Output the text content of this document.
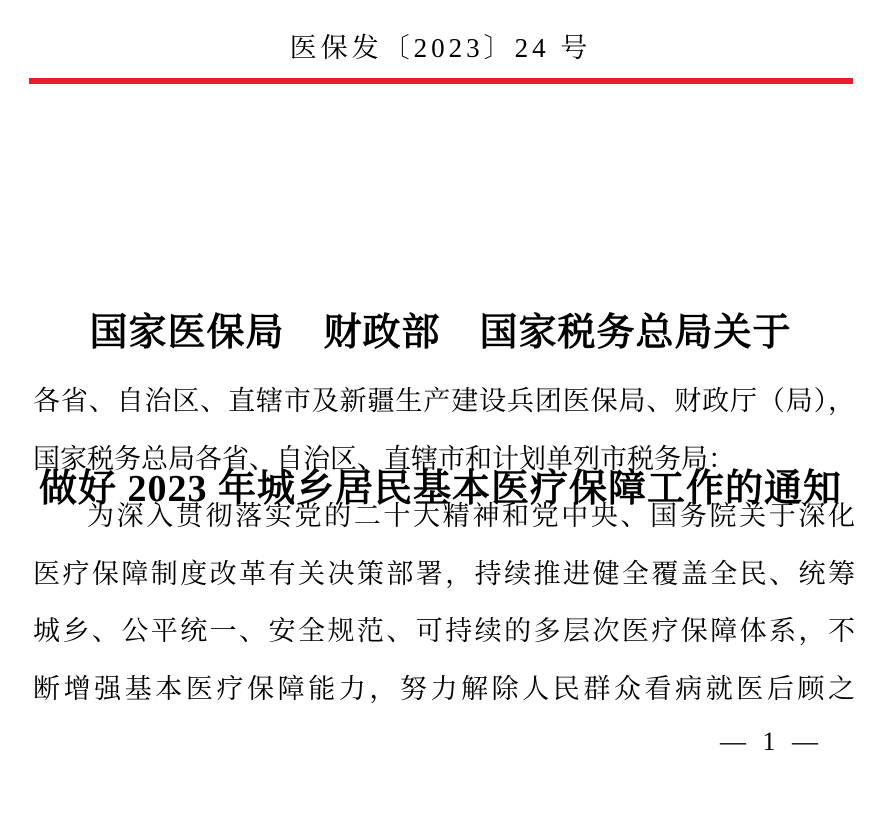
医保发〔2023〕24 号

国家医保局　财政部　国家税务总局关于

做好 2023 年城乡居民基本医疗保障工作的通知

各省、自治区、直辖市及新疆生产建设兵团医保局、财政厅（局），

国家税务总局各省、自治区、直辖市和计划单列市税务局：

为深入贯彻落实党的二十大精神和党中央、国务院关于深化

医疗保障制度改革有关决策部署，持续推进健全覆盖全民、统筹

城乡、公平统一、安全规范、可持续的多层次医疗保障体系，不

断增强基本医疗保障能力，努力解除人民群众看病就医后顾之

— 1 —
